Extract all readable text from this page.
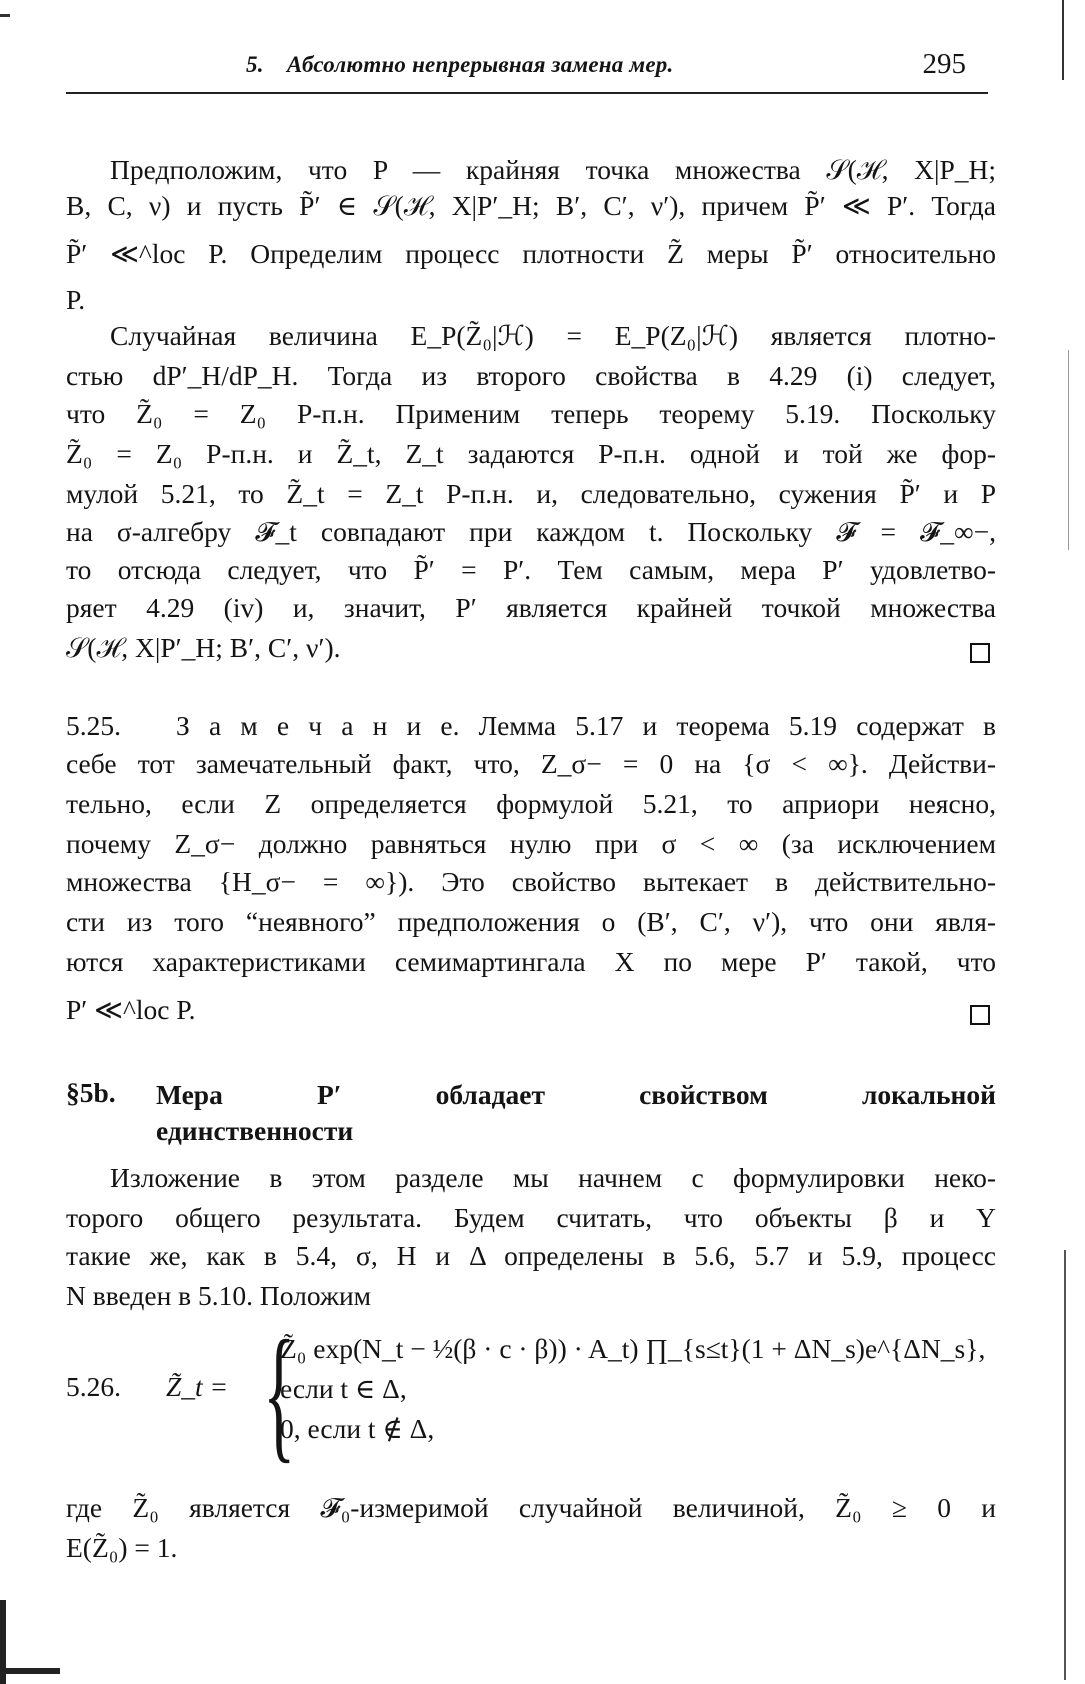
5. Абсолютно непрерывная замена мер.	295
Предположим, что P — крайняя точка множества 𝒮(ℋ, X|P_H;
B, C, ν) и пусть P̃′ ∈ 𝒮(ℋ, X|P′_H; B′, C′, ν′), причем P̃′ ≪ P′. Тогда
P̃′ ≪^loc P. Определим процесс плотности Z̃ меры P̃′ относительно
P.
Случайная величина E_P(Z̃₀|ℋ) = E_P(Z₀|ℋ) является плотно-
стью dP′_H/dP_H. Тогда из второго свойства в 4.29 (i) следует,
что Z̃₀ = Z₀ P-п.н. Применим теперь теорему 5.19. Поскольку
Z̃₀ = Z₀ P-п.н. и Z̃_t, Z_t задаются P-п.н. одной и той же фор-
мулой 5.21, то Z̃_t = Z_t P-п.н. и, следовательно, сужения P̃′ и P
на σ-алгебру 𝓕_t совпадают при каждом t. Поскольку 𝓕 = 𝓕_∞−,
то отсюда следует, что P̃′ = P′. Тем самым, мера P′ удовлетво-
ряет 4.29 (iv) и, значит, P′ является крайней точкой множества
𝒮(ℋ, X|P′_H; B′, C′, ν′).
5.25.  З а м е ч а н и е. Лемма 5.17 и теорема 5.19 содержат в
себе тот замечательный факт, что, Z_σ− = 0 на {σ < ∞}. Действи-
тельно, если Z определяется формулой 5.21, то априори неясно,
почему Z_σ− должно равняться нулю при σ < ∞ (за исключением
множества {H_σ− = ∞}). Это свойство вытекает в действительно-
сти из того “неявного” предположения о (B′, C′, ν′), что они явля-
ются характеристиками семимартингала X по мере P′ такой, что
P′ ≪^loc P.
§5b. Мера P′ обладает свойством локальной
единственности
Изложение в этом разделе мы начнем с формулировки неко-
торого общего результата. Будем считать, что объекты β и Y
такие же, как в 5.4, σ, H и Δ определены в 5.6, 5.7 и 5.9, процесс
N введен в 5.10. Положим
5.26. Z̃_t = {
Z̃₀ exp(N_t − ½(β · c · β)) · A_t) ∏_{s≤t}(1 + ΔN_s)e^{ΔN_s},
если t ∈ Δ,
0, если t ∉ Δ,
где Z̃₀ является 𝓕₀-измеримой случайной величиной, Z̃₀ ≥ 0 и
E(Z̃₀) = 1.
